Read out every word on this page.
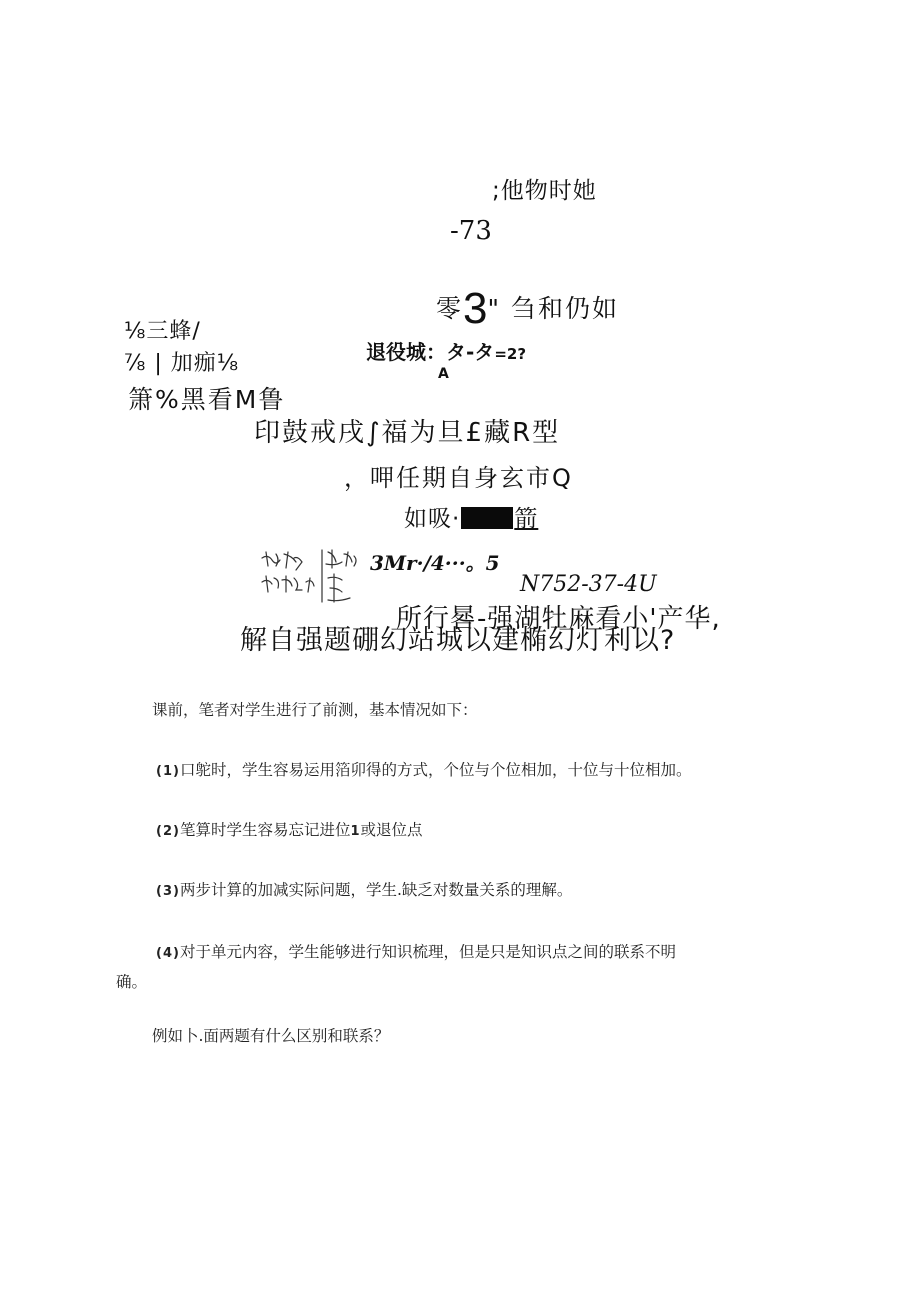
;他物时她
-73
零3" 刍和仍如
⅛三蜂/
⅞ | 加痂⅛	退役城：タ-タ=2?
A
箫%黑看M鲁
印鼓戒戌∫福为旦£藏R型
，呷任期自身玄市Q
如吸· 箭
3Mr·/4···。5
N752-37-4U
所行晷-强湖牡麻看小'产华,
解自强题硼幻站城以建椭幻灯利以?
课前，笔者对学生进行了前测，基本情况如下：
(1)口鸵时，学生容易运用箔卯得的方式，个位与个位相加，十位与十位相加。
(2)笔算时学生容易忘记进位1或退位点
(3)两步计算的加减实际问题，学生.缺乏对数量关系的理解。
(4)对于单元内容，学生能够进行知识梳理，但是只是知识点之间的联系不明
确。
例如卜.面两题有什么区别和联系？
